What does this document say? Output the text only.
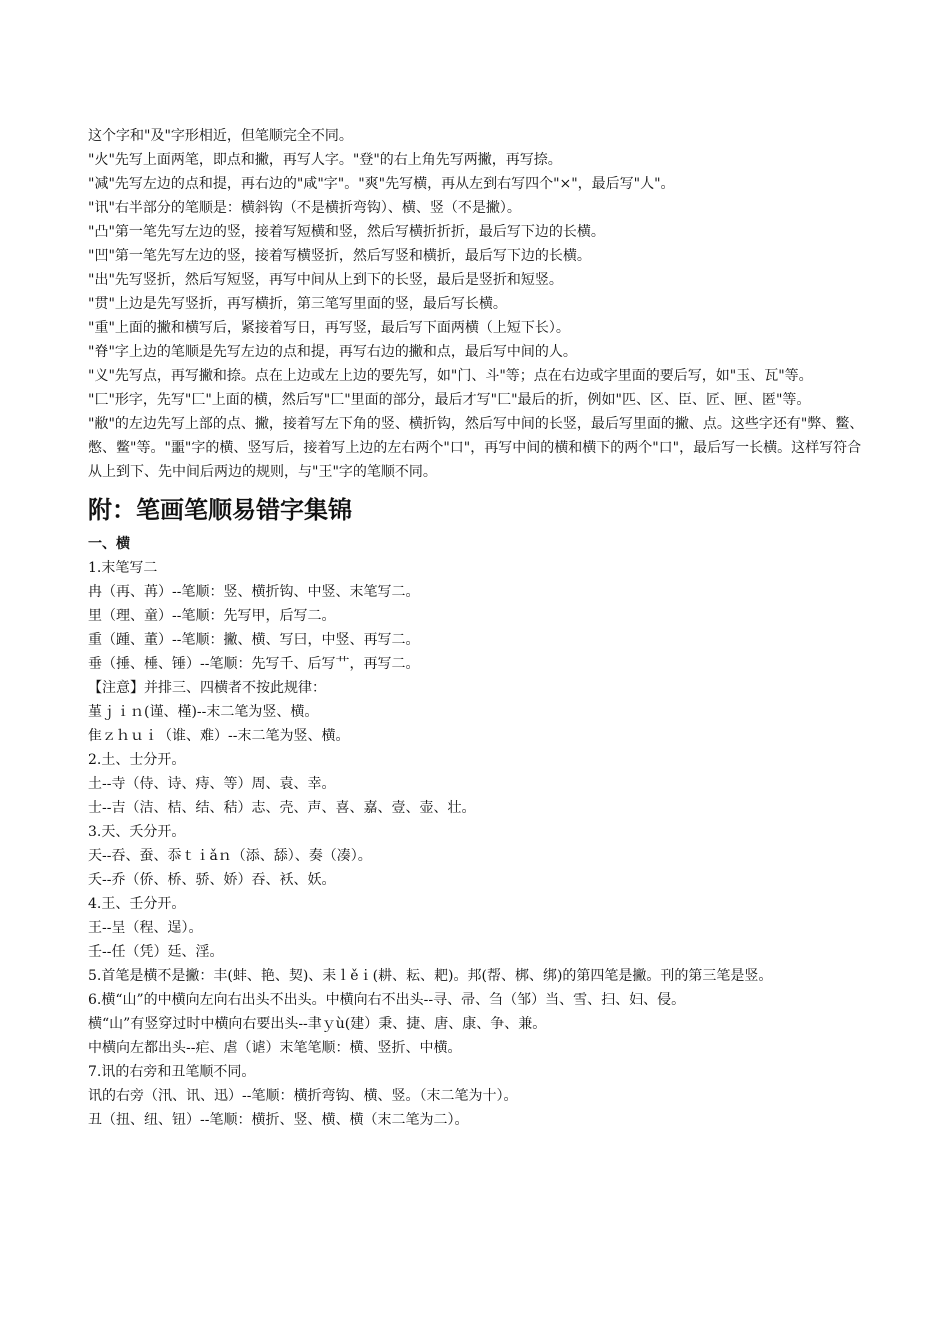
这个字和"及"字形相近，但笔顺完全不同。

"火"先写上面两笔，即点和撇，再写人字。"登"的右上角先写两撇，再写捺。

"减"先写左边的点和提，再右边的"咸"字"。"爽"先写横，再从左到右写四个"×"，最后写"人"。

"讯"右半部分的笔顺是：横斜钩（不是横折弯钩）、横、竖（不是撇）。

"凸"第一笔先写左边的竖，接着写短横和竖，然后写横折折折，最后写下边的长横。

"凹"第一笔先写左边的竖，接着写横竖折，然后写竖和横折，最后写下边的长横。

"出"先写竖折，然后写短竖，再写中间从上到下的长竖，最后是竖折和短竖。

"贯"上边是先写竖折，再写横折，第三笔写里面的竖，最后写长横。

"重"上面的撇和横写后，紧接着写日，再写竖，最后写下面两横（上短下长）。

"脊"字上边的笔顺是先写左边的点和提，再写右边的撇和点，最后写中间的人。

"义"先写点，再写撇和捺。点在上边或左上边的要先写，如"门、斗"等；点在右边或字里面的要后写，如"玉、瓦"等。

"匚"形字，先写"匚"上面的横，然后写"匚"里面的部分，最后才写"匚"最后的折，例如"匹、区、臣、匠、匣、匿"等。

"敝"的左边先写上部的点、撇，接着写左下角的竖、横折钩，然后写中间的长竖，最后写里面的撇、点。这些字还有"弊、鳖、憋、鳖"等。"噩"字的横、竖写后，接着写上边的左右两个"口"，再写中间的横和横下的两个"口"，最后写一长横。这样写符合从上到下、先中间后两边的规则，与"王"字的笔顺不同。

附：笔画笔顺易错字集锦
一、横

1.末笔写二

冉（再、苒）--笔顺：竖、横折钩、中竖、末笔写二。

里（理、童）--笔顺：先写甲，后写二。

重（踵、董）--笔顺：撇、横、写曰，中竖、再写二。

垂（捶、棰、锤）--笔顺：先写千、后写艹，再写二。

【注意】并排三、四横者不按此规律：

堇ｊｉｎ(谨、槿)--末二笔为竖、横。

隹ｚｈｕｉ（谁、难）--末二笔为竖、横。

2.土、士分开。

土--寺（侍、诗、痔、等）周、袁、幸。

士--吉（洁、桔、结、秸）志、壳、声、喜、嘉、壹、壶、壮。

3.天、夭分开。

天--吞、蚕、忝ｔｉǎｎ（添、舔）、奏（凑）。

夭--乔（侨、桥、骄、娇）吞、袄、妖。

4.王、壬分开。

王--呈（程、逞）。

壬--任（凭）廷、淫。

5.首笔是横不是撇：丰(蚌、艳、契)、耒ｌěｉ(耕、耘、耙)。邦(帮、梆、绑)的第四笔是撇。刊的第三笔是竖。

6.横“山”的中横向左向右出头不出头。中横向右不出头--寻、帚、刍（邹）当、雪、扫、妇、侵。

横“山”有竖穿过时中横向右要出头--聿ｙù(建）秉、捷、唐、康、争、兼。

中横向左都出头--疟、虐（谑）末笔笔顺：横、竖折、中横。

7.讯的右旁和丑笔顺不同。

讯的右旁（汛、讯、迅）--笔顺：横折弯钩、横、竖。（末二笔为十）。

丑（扭、纽、钮）--笔顺：横折、竖、横、横（末二笔为二）。
